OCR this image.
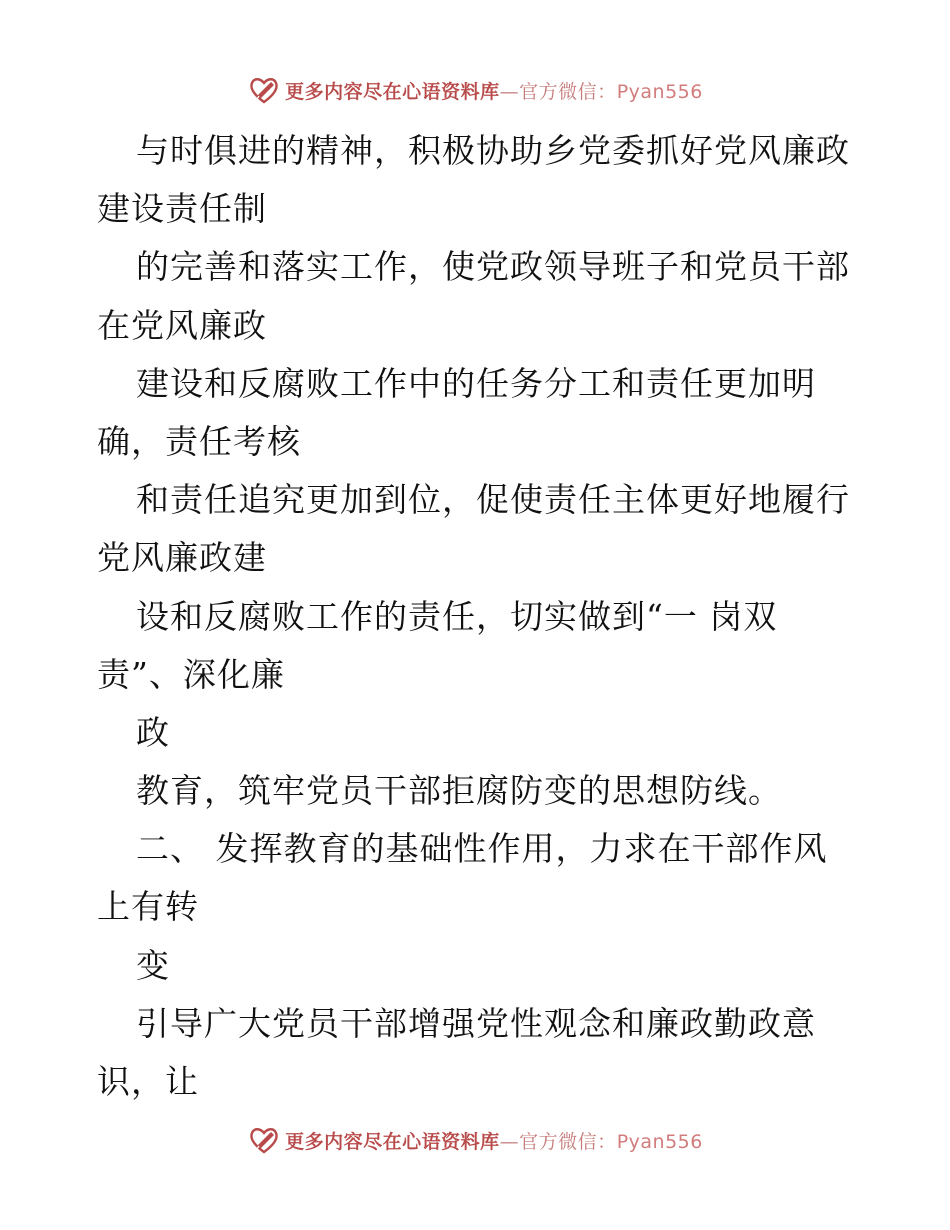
更多内容尽在心语资料库—官方微信：Pyan556
与时俱进的精神，积极协助乡党委抓好党风廉政
建设责任制
的完善和落实工作，使党政领导班子和党员干部
在党风廉政
建设和反腐败工作中的任务分工和责任更加明
确，责任考核
和责任追究更加到位，促使责任主体更好地履行
党风廉政建
设和反腐败工作的责任，切实做到“一 岗双
责”、深化廉
政
教育，筑牢党员干部拒腐防变的思想防线。
二、 发挥教育的基础性作用，力求在干部作风
上有转
变
引导广大党员干部增强党性观念和廉政勤政意
识，让
更多内容尽在心语资料库—官方微信：Pyan556
